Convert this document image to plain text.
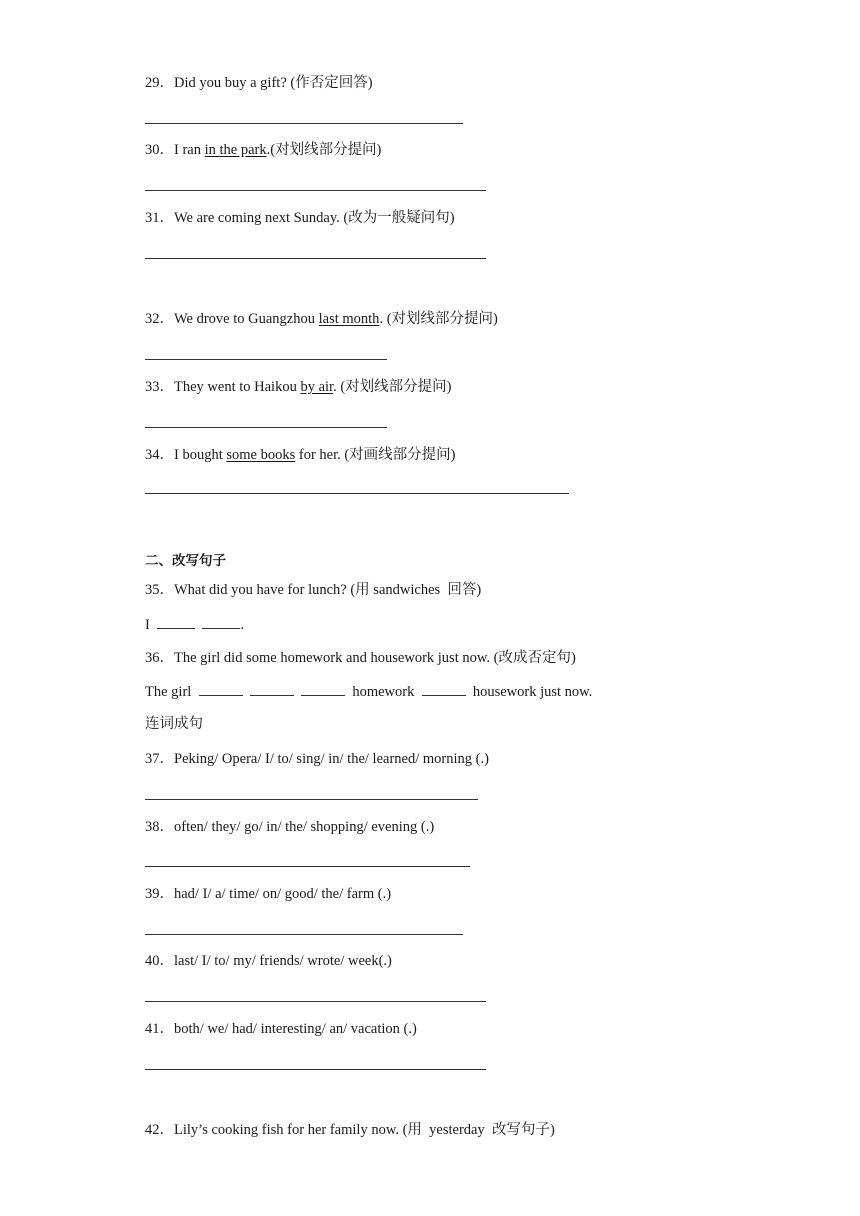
29．Did you buy a gift? (作否定回答)
30．I ran in the park.(对划线部分提问)
31．We are coming next Sunday. (改为一般疑问句)
32．We drove to Guangzhou last month. (对划线部分提问)
33．They went to Haikou by air. (对划线部分提问)
34．I bought some books for her. (对画线部分提问)
二、改写句子
35．What did you have for lunch? (用 sandwiches  回答)
I	.
36．The girl did some homework and housework just now. (改成否定句)
The girl	homework	housework just now.
连词成句
37．Peking/ Opera/ I/ to/ sing/ in/ the/ learned/ morning (.)
38．often/ they/ go/ in/ the/ shopping/ evening (.)
39．had/ I/ a/ time/ on/ good/ the/ farm (.)
40．last/ I/ to/ my/ friends/ wrote/ week(.)
41．both/ we/ had/ interesting/ an/ vacation (.)
42．Lily’s cooking fish for her family now. (用  yesterday  改写句子)
